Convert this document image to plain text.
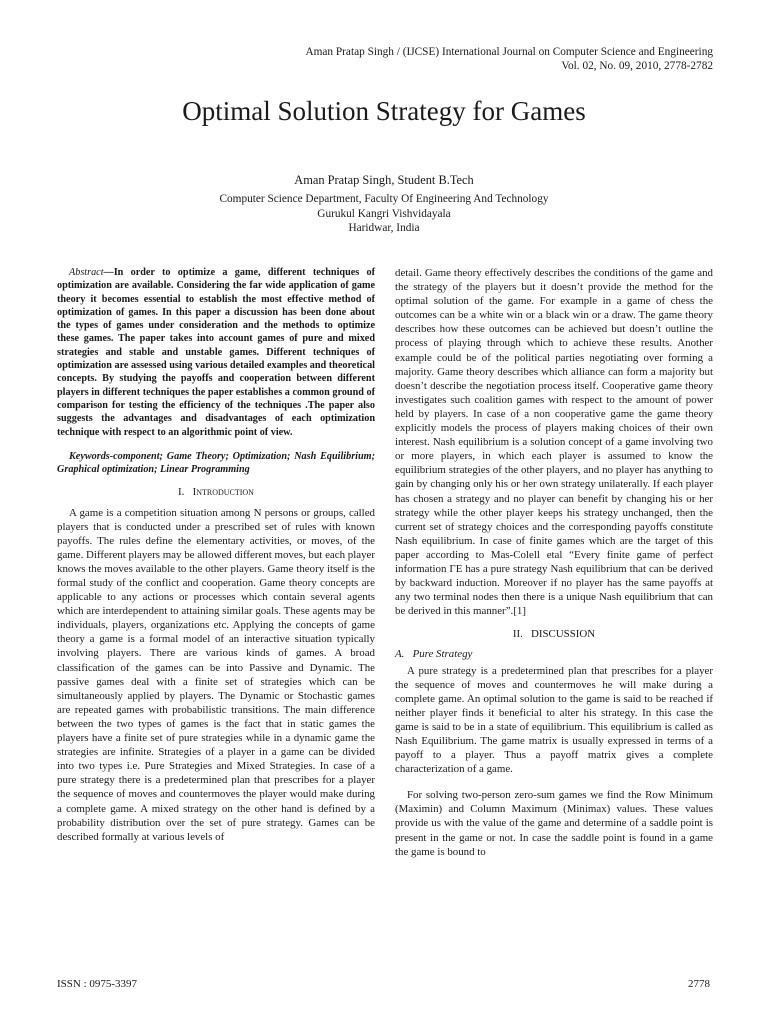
Aman Pratap Singh / (IJCSE) International Journal on Computer Science and Engineering
Vol. 02, No. 09, 2010, 2778-2782
Optimal Solution Strategy for Games
Aman Pratap Singh, Student B.Tech
Computer Science Department, Faculty Of Engineering And Technology
Gurukul Kangri Vishvidayala
Haridwar, India

Abstract—In order to optimize a game, different techniques of optimization are available. Considering the far wide application of game theory it becomes essential to establish the most effective method of optimization of games. In this paper a discussion has been done about the types of games under consideration and the methods to optimize these games. The paper takes into account games of pure and mixed strategies and stable and unstable games. Different techniques of optimization are assessed using various detailed examples and theoretical concepts. By studying the payoffs and cooperation between different players in different techniques the paper establishes a common ground of comparison for testing the efficiency of the techniques .The paper also suggests the advantages and disadvantages of each optimization technique with respect to an algorithmic point of view.

Keywords-component; Game Theory; Optimization; Nash Equilibrium; Graphical optimization; Linear Programming

I. Introduction

A game is a competition situation among N persons or groups, called players that is conducted under a prescribed set of rules with known payoffs. The rules define the elementary activities, or moves, of the game. Different players may be allowed different moves, but each player knows the moves available to the other players. Game theory itself is the formal study of the conflict and cooperation. Game theory concepts are applicable to any actions or processes which contain several agents which are interdependent to attaining similar goals. These agents may be individuals, players, organizations etc. Applying the concepts of game theory a game is a formal model of an interactive situation typically involving players. There are various kinds of games. A broad classification of the games can be into Passive and Dynamic. The passive games deal with a finite set of strategies which can be simultaneously applied by players. The Dynamic or Stochastic games are repeated games with probabilistic transitions. The main difference between the two types of games is the fact that in static games the players have a finite set of pure strategies while in a dynamic game the strategies are infinite. Strategies of a player in a game can be divided into two types i.e. Pure Strategies and Mixed Strategies. In case of a pure strategy there is a predetermined plan that prescribes for a player the sequence of moves and countermoves the player would make during a complete game. A mixed strategy on the other hand is defined by a probability distribution over the set of pure strategy. Games can be described formally at various levels of

detail. Game theory effectively describes the conditions of the game and the strategy of the players but it doesn’t provide the method for the optimal solution of the game. For example in a game of chess the outcomes can be a white win or a black win or a draw. The game theory describes how these outcomes can be achieved but doesn’t outline the process of playing through which to achieve these results. Another example could be of the political parties negotiating over forming a majority. Game theory describes which alliance can form a majority but doesn’t describe the negotiation process itself. Cooperative game theory investigates such coalition games with respect to the amount of power held by players. In case of a non cooperative game the game theory explicitly models the process of players making choices of their own interest. Nash equilibrium is a solution concept of a game involving two or more players, in which each player is assumed to know the equilibrium strategies of the other players, and no player has anything to gain by changing only his or her own strategy unilaterally. If each player has chosen a strategy and no player can benefit by changing his or her strategy while the other player keeps his strategy unchanged, then the current set of strategy choices and the corresponding payoffs constitute Nash equilibrium. In case of finite games which are the target of this paper according to Mas-Colell etal “Every finite game of perfect information ΓE has a pure strategy Nash equilibrium that can be derived by backward induction. Moreover if no player has the same payoffs at any two terminal nodes then there is a unique Nash equilibrium that can be derived in this manner”.[1]

II. DISCUSSION
A. Pure Strategy

A pure strategy is a predetermined plan that prescribes for a player the sequence of moves and countermoves he will make during a complete game. An optimal solution to the game is said to be reached if neither player finds it beneficial to alter his strategy. In this case the game is said to be in a state of equilibrium. This equilibrium is called as Nash Equilibrium. The game matrix is usually expressed in terms of a payoff to a player. Thus a payoff matrix gives a complete characterization of a game.

For solving two-person zero-sum games we find the Row Minimum (Maximin) and Column Maximum (Minimax) values. These values provide us with the value of the game and determine of a saddle point is present in the game or not. In case the saddle point is found in a game the game is bound to

ISSN : 0975-3397	2778
